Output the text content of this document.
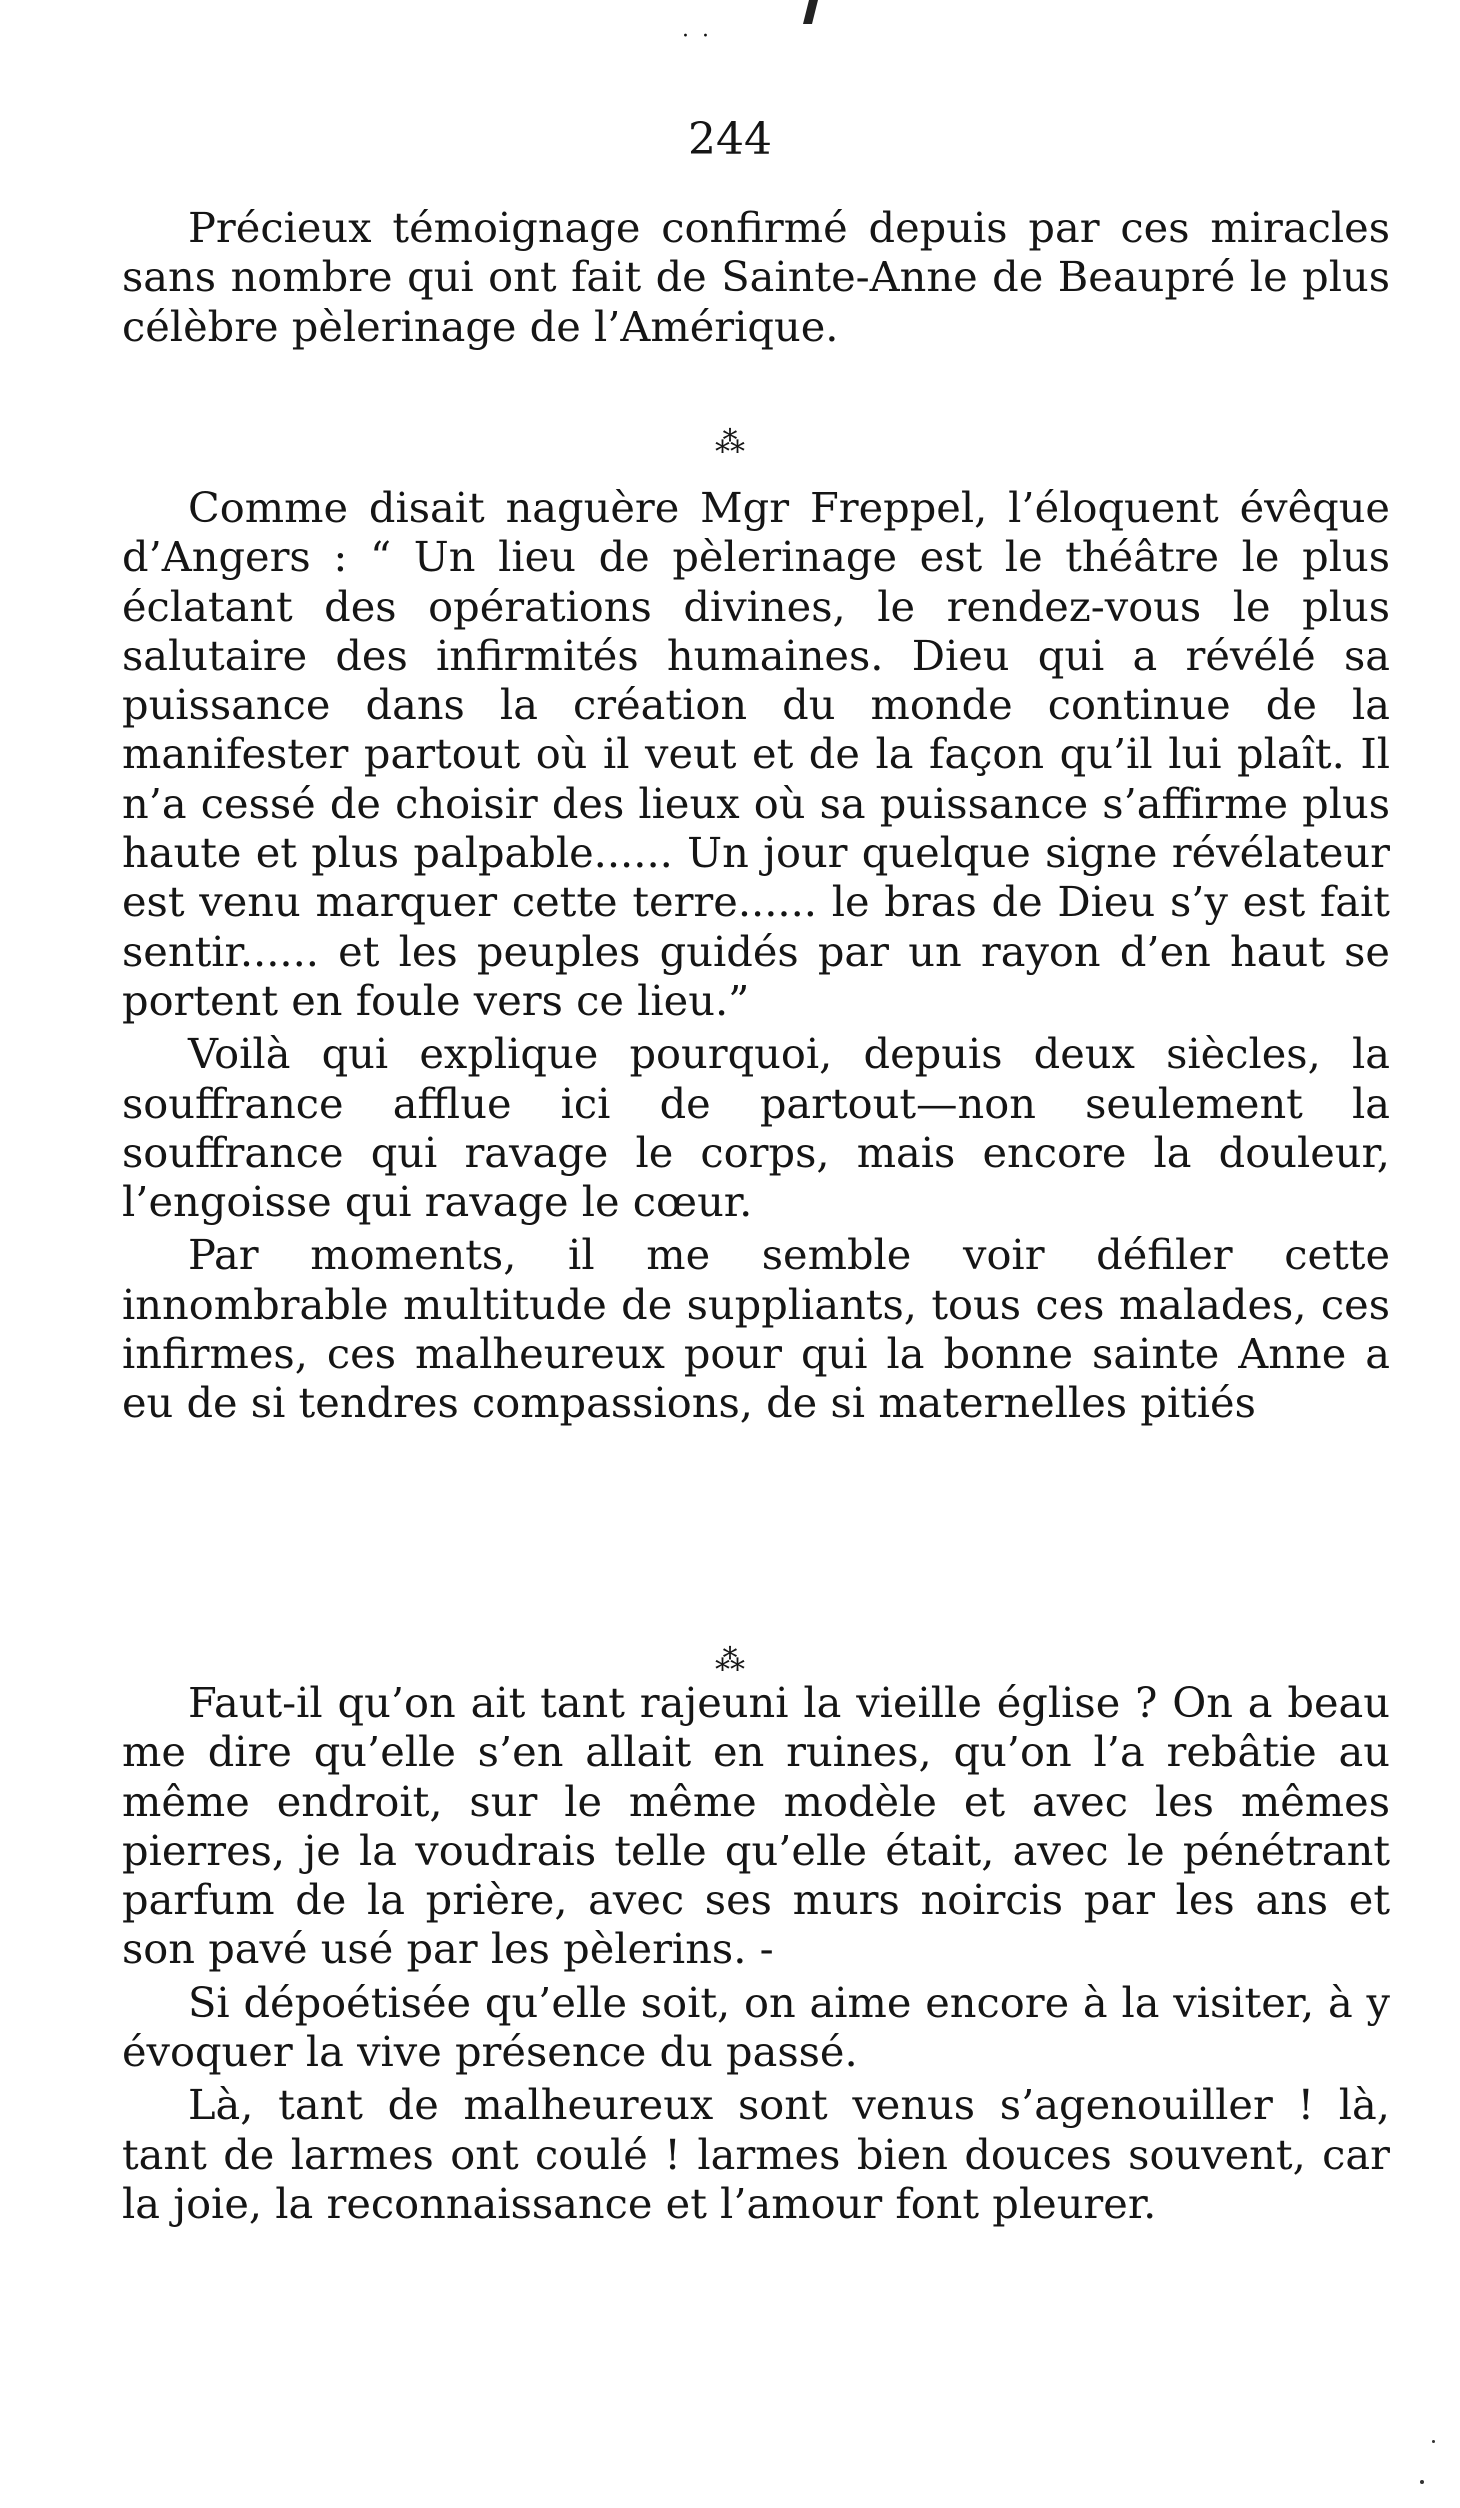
· ·
244

Précieux témoignage confirmé depuis par ces miracles sans nombre qui ont fait de Sainte-Anne de Beaupré le plus célèbre pèlerinage de l’Amérique.

⁂

Comme disait naguère Mgr Freppel, l’éloquent évêque d’Angers : “ Un lieu de pèlerinage est le théâtre le plus éclatant des opérations divines, le rendez-vous le plus salutaire des infirmités humaines. Dieu qui a révélé sa puissance dans la création du monde continue de la manifester partout où il veut et de la façon qu’il lui plaît. Il n’a cessé de choisir des lieux où sa puissance s’affirme plus haute et plus palpable...... Un jour quelque signe révélateur est venu marquer cette terre...... le bras de Dieu s’y est fait sentir...... et les peuples guidés par un rayon d’en haut se portent en foule vers ce lieu.”

Voilà qui explique pourquoi, depuis deux siècles, la souffrance afflue ici de partout—non seulement la souffrance qui ravage le corps, mais encore la douleur, l’engoisse qui ravage le cœur.

Par moments, il me semble voir défiler cette innombrable multitude de suppliants, tous ces malades, ces infirmes, ces malheureux pour qui la bonne sainte Anne a eu de si tendres compassions, de si maternelles pitiés

⁂

Faut-il qu’on ait tant rajeuni la vieille église ? On a beau me dire qu’elle s’en allait en ruines, qu’on l’a rebâtie au même endroit, sur le même modèle et avec les mêmes pierres, je la voudrais telle qu’elle était, avec le pénétrant parfum de la prière, avec ses murs noircis par les ans et son pavé usé par les pèlerins. -

Si dépoétisée qu’elle soit, on aime encore à la visiter, à y évoquer la vive présence du passé.

Là, tant de malheureux sont venus s’agenouiller ! là, tant de larmes ont coulé ! larmes bien douces souvent, car la joie, la reconnaissance et l’amour font pleurer.
